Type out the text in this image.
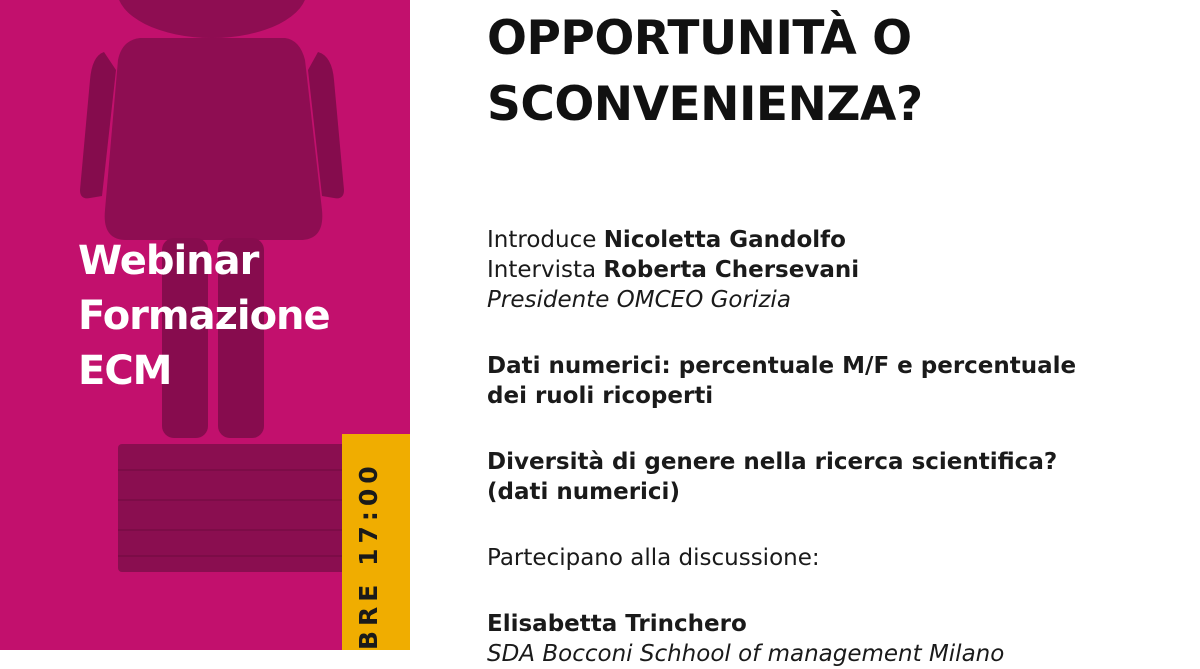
Webinar
Formazione
ECM
BRE 17:00
OPPORTUNITÀ O
SCONVENIENZA?
Introduce Nicoletta Gandolfo
Intervista Roberta Chersevani
Presidente OMCEO Gorizia
Dati numerici: percentuale M/F e percentuale
dei ruoli ricoperti
Diversità di genere nella ricerca scientifica?
(dati numerici)
Partecipano alla discussione:
Elisabetta Trinchero
SDA Bocconi Schhool of management Milano
